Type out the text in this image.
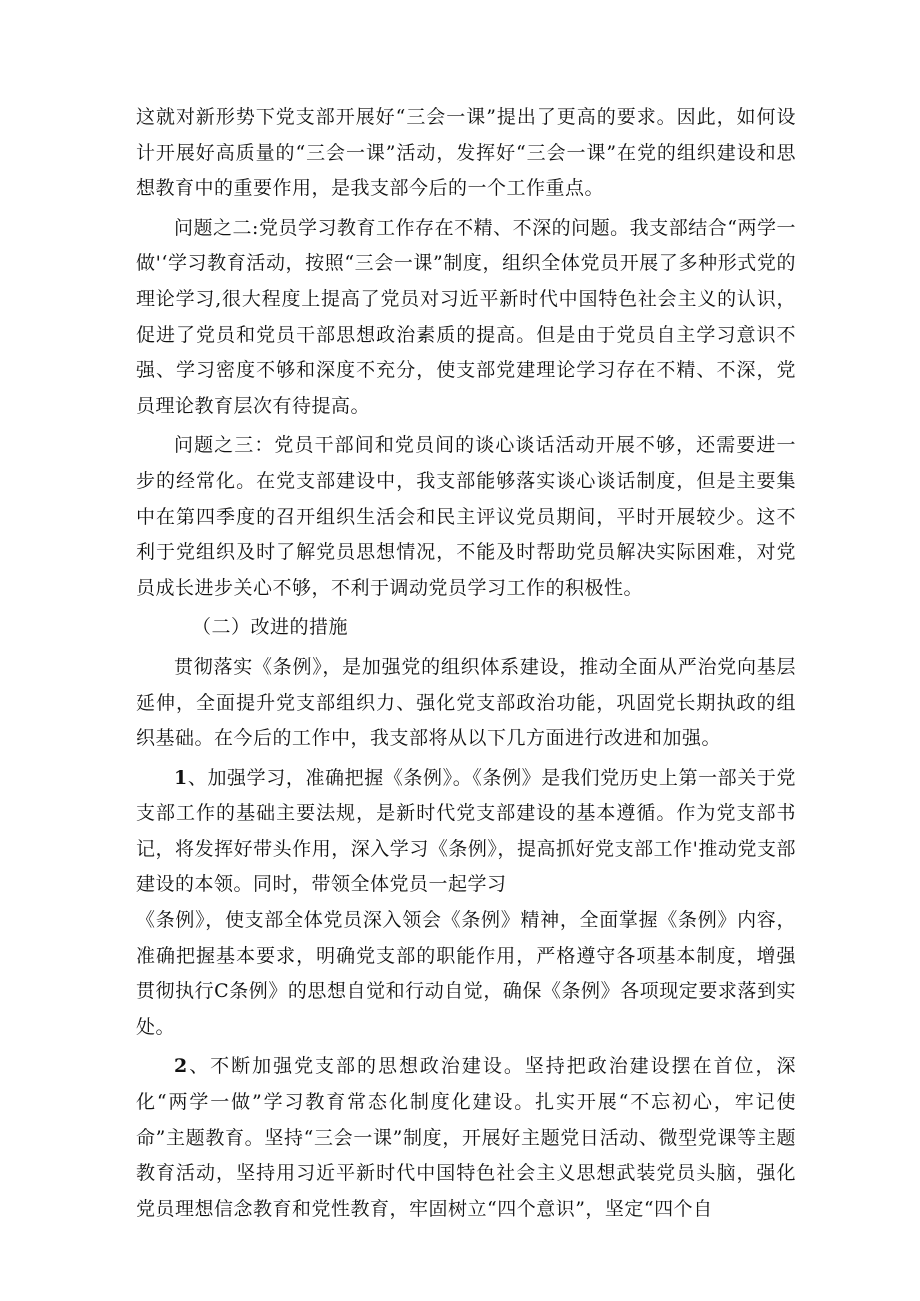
这就对新形势下党支部开展好“三会一课”提出了更高的要求。因此，如何设计开展好高质量的“三会一课”活动，发挥好“三会一课”在党的组织建设和思想教育中的重要作用，是我支部今后的一个工作重点。

问题之二:党员学习教育工作存在不精、不深的问题。我支部结合“两学一做'‘学习教育活动，按照“三会一课”制度，组织全体党员开展了多种形式党的理论学习,很大程度上提高了党员对习近平新时代中国特色社会主义的认识，促进了党员和党员干部思想政治素质的提高。但是由于党员自主学习意识不强、学习密度不够和深度不充分，使支部党建理论学习存在不精、不深，党员理论教育层次有待提高。

问题之三：党员干部间和党员间的谈心谈话活动开展不够，还需要进一步的经常化。在党支部建设中，我支部能够落实谈心谈话制度，但是主要集中在第四季度的召开组织生活会和民主评议党员期间，平时开展较少。这不利于党组织及时了解党员思想情况，不能及时帮助党员解决实际困难，对党员成长进步关心不够，不利于调动党员学习工作的积极性。

（二）改进的措施

贯彻落实《条例》，是加强党的组织体系建设，推动全面从严治党向基层延伸，全面提升党支部组织力、强化党支部政治功能，巩固党长期执政的组织基础。在今后的工作中，我支部将从以下几方面进行改进和加强。

1、加强学习，准确把握《条例》。《条例》是我们党历史上第一部关于党支部工作的基础主要法规，是新时代党支部建设的基本遵循。作为党支部书记，将发挥好带头作用，深入学习《条例》，提高抓好党支部工作'推动党支部建设的本领。同时，带领全体党员一起学习

《条例》，使支部全体党员深入领会《条例》精神，全面掌握《条例》内容，准确把握基本要求，明确党支部的职能作用，严格遵守各项基本制度，增强贯彻执行C条例》的思想自觉和行动自觉，确保《条例》各项现定要求落到实处。

2、不断加强党支部的思想政治建设。坚持把政治建设摆在首位，深化“两学一做”学习教育常态化制度化建设。扎实开展“不忘初心，牢记使命”主题教育。坚持“三会一课”制度，开展好主题党日活动、微型党课等主题教育活动，坚持用习近平新时代中国特色社会主义思想武装党员头脑，强化党员理想信念教育和党性教育，牢固树立“四个意识”，坚定“四个自
